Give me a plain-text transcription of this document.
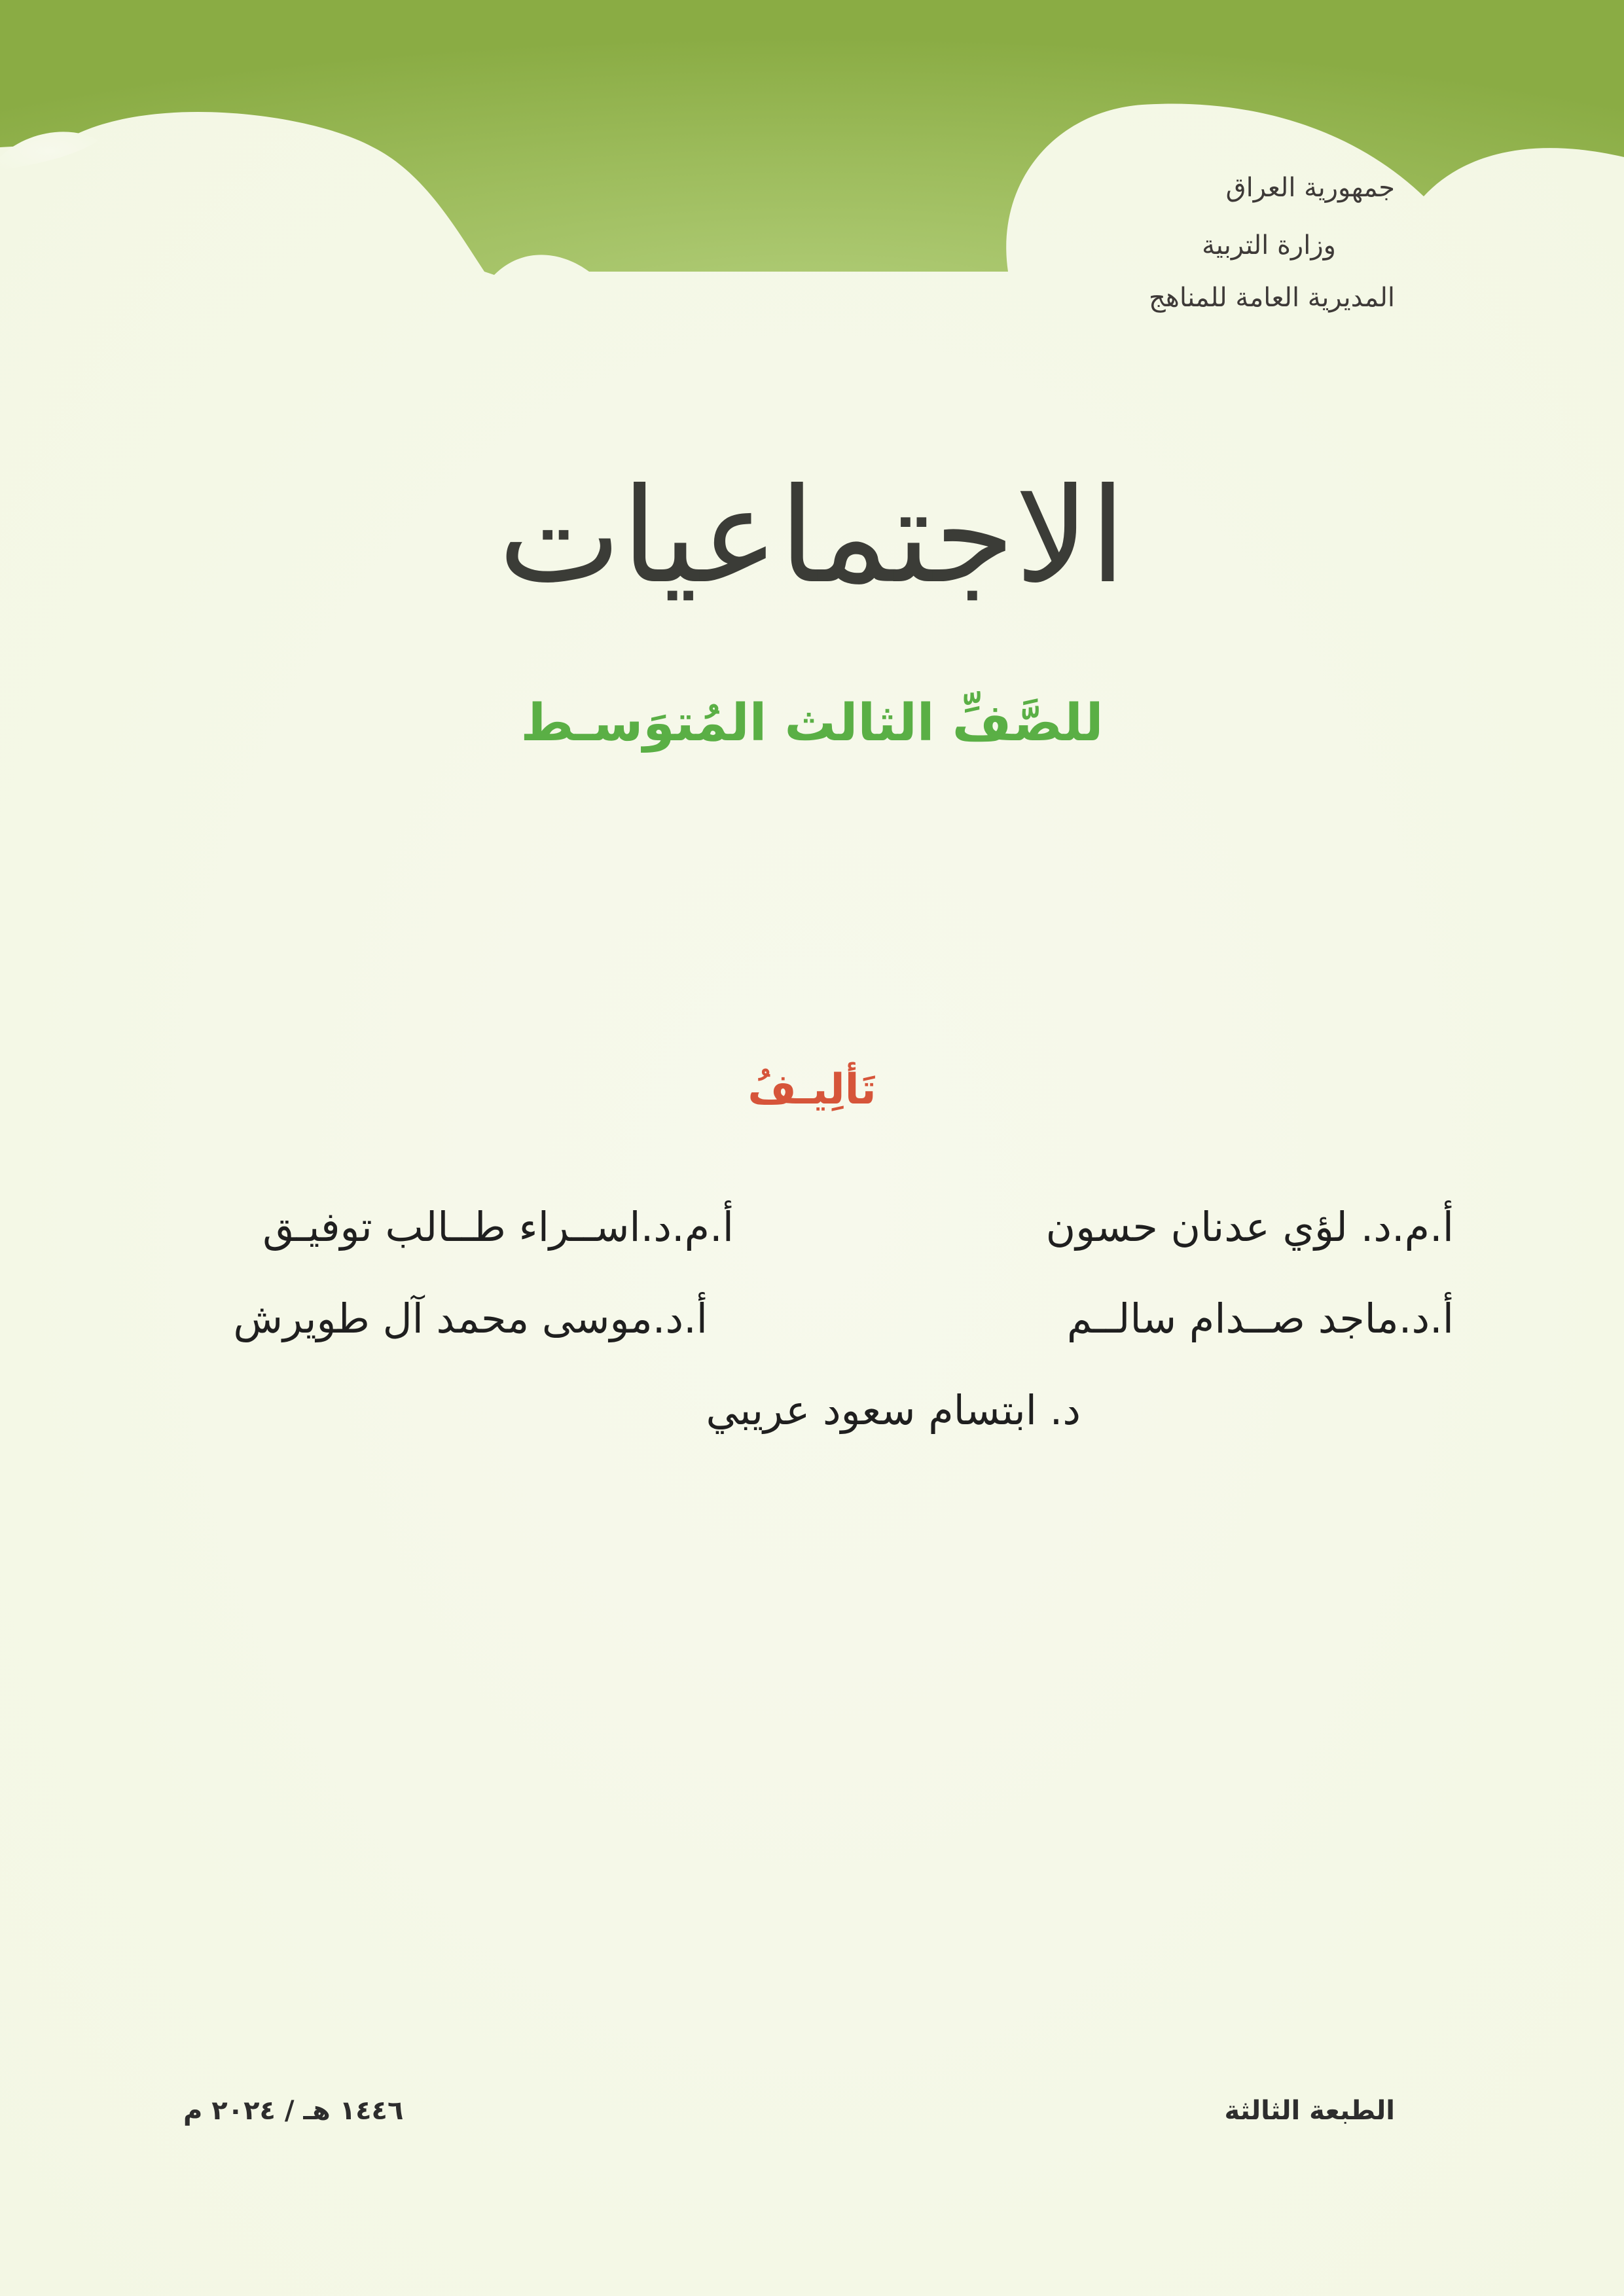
جمهورية العراق
وزارة التربية
المديرية العامة للمناهج
الاجتماعيات
للصَّفِّ الثالث المُتوَسـط
تَألِيـفُ
أ.م.د. لؤي عدنان حسون
أ.م.د.اســراء طــالب توفيـق
أ.د.ماجد صــدام سالــم
أ.د.موسى محمد آل طويرش
د. ابتسام سعود عريبي
الطبعة الثالثة
١٤٤٦ هـ / ٢٠٢٤ م
